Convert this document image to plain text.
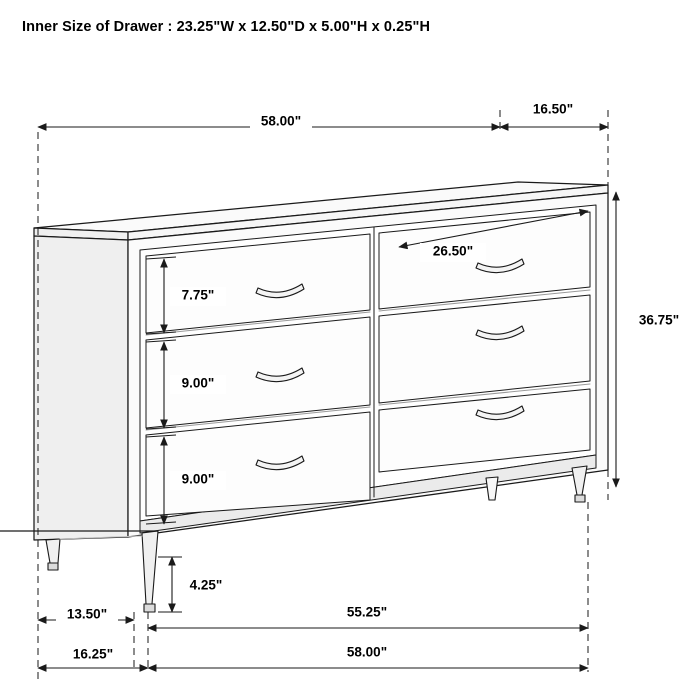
Inner Size of Drawer : 23.25"W x 12.50"D x 5.00"H x 0.25"H
58.00"
16.50"
26.50"
36.75"
7.75"
9.00"
9.00"
4.25"
13.50"	55.25"
16.25"	58.00"
